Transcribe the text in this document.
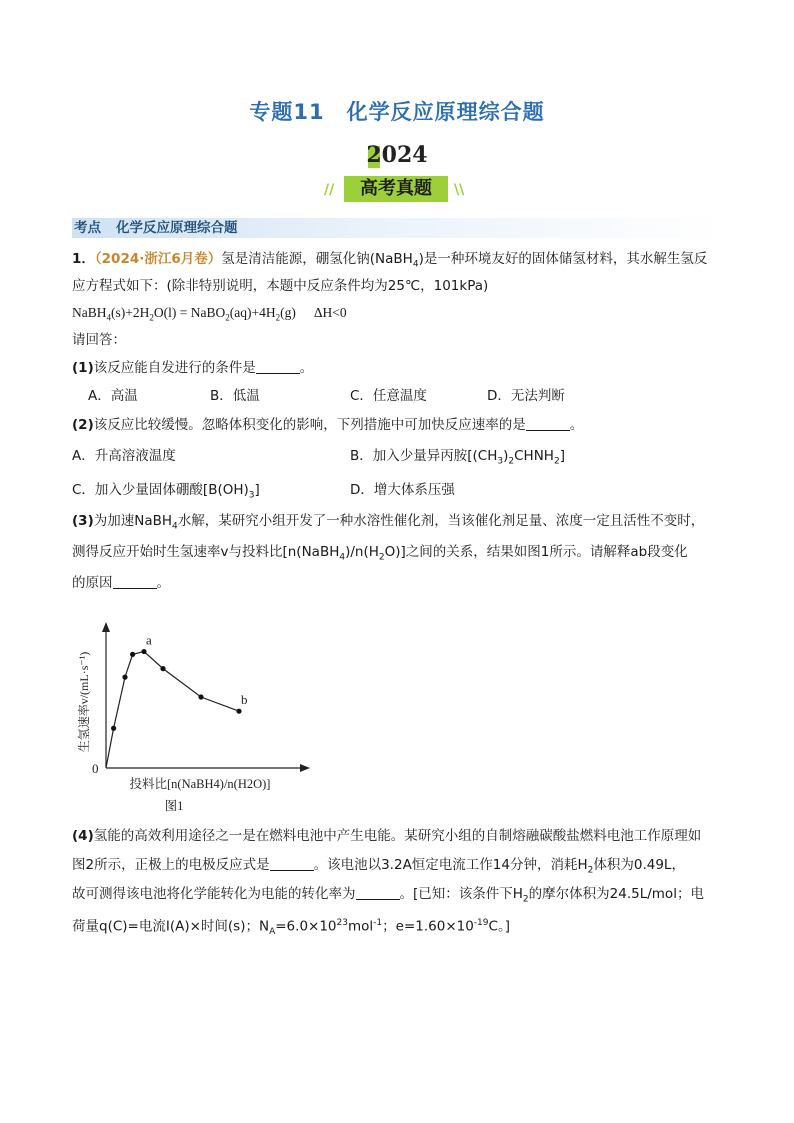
专题11　化学反应原理综合题
2024
//	高考真题	\\
考点 化学反应原理综合题
1．（2024·浙江6月卷）氢是清洁能源，硼氢化钠(NaBH$_4$)是一种环境友好的固体储氢材料，其水解生氢反
应方程式如下：(除非特别说明，本题中反应条件均为25℃，101kPa)
$NaBH_4(s)+2H_2O(l)$ = $NaBO_2(aq)+4H_2(g)$ ΔH<0
请回答：
(1)该反应能自发进行的条件是	。
A．高温	B．低温	C．任意温度	D．无法判断
(2)该反应比较缓慢。忽略体积变化的影响，下列措施中可加快反应速率的是	。
A．升高溶液温度	B．加入少量异丙胺$[(CH_3)_2CHNH_2]$
C．加入少量固体硼酸$[B(OH)_3]$	D．增大体系压强
(3)为加速NaBH$_4$水解，某研究小组开发了一种水溶性催化剂，当该催化剂足量、浓度一定且活性不变时，
测得反应开始时生氢速率v与投料比$[n(NaBH_4)/n(H_2O)]$之间的关系，结果如图1所示。请解释ab段变化
的原因	。
0
生氢速率v/(mL·s⁻¹)
投料比[n(NaBH4)/n(H2O)]
图1
a
b
(4)氢能的高效利用途径之一是在燃料电池中产生电能。某研究小组的自制熔融碳酸盐燃料电池工作原理如
图2所示，正极上的电极反应式是	。该电池以3.2A恒定电流工作14分钟，消耗$H_2$体积为0.49L，
故可测得该电池将化学能转化为电能的转化率为	。[已知：该条件下$H_2$的摩尔体积为24.5L/mol；电
荷量q(C)=电流I(A)×时间(s)；$N_A=6.0\times 10^{23}mol^{-1}$；$e=1.60\times 10^{-19}C$。]
